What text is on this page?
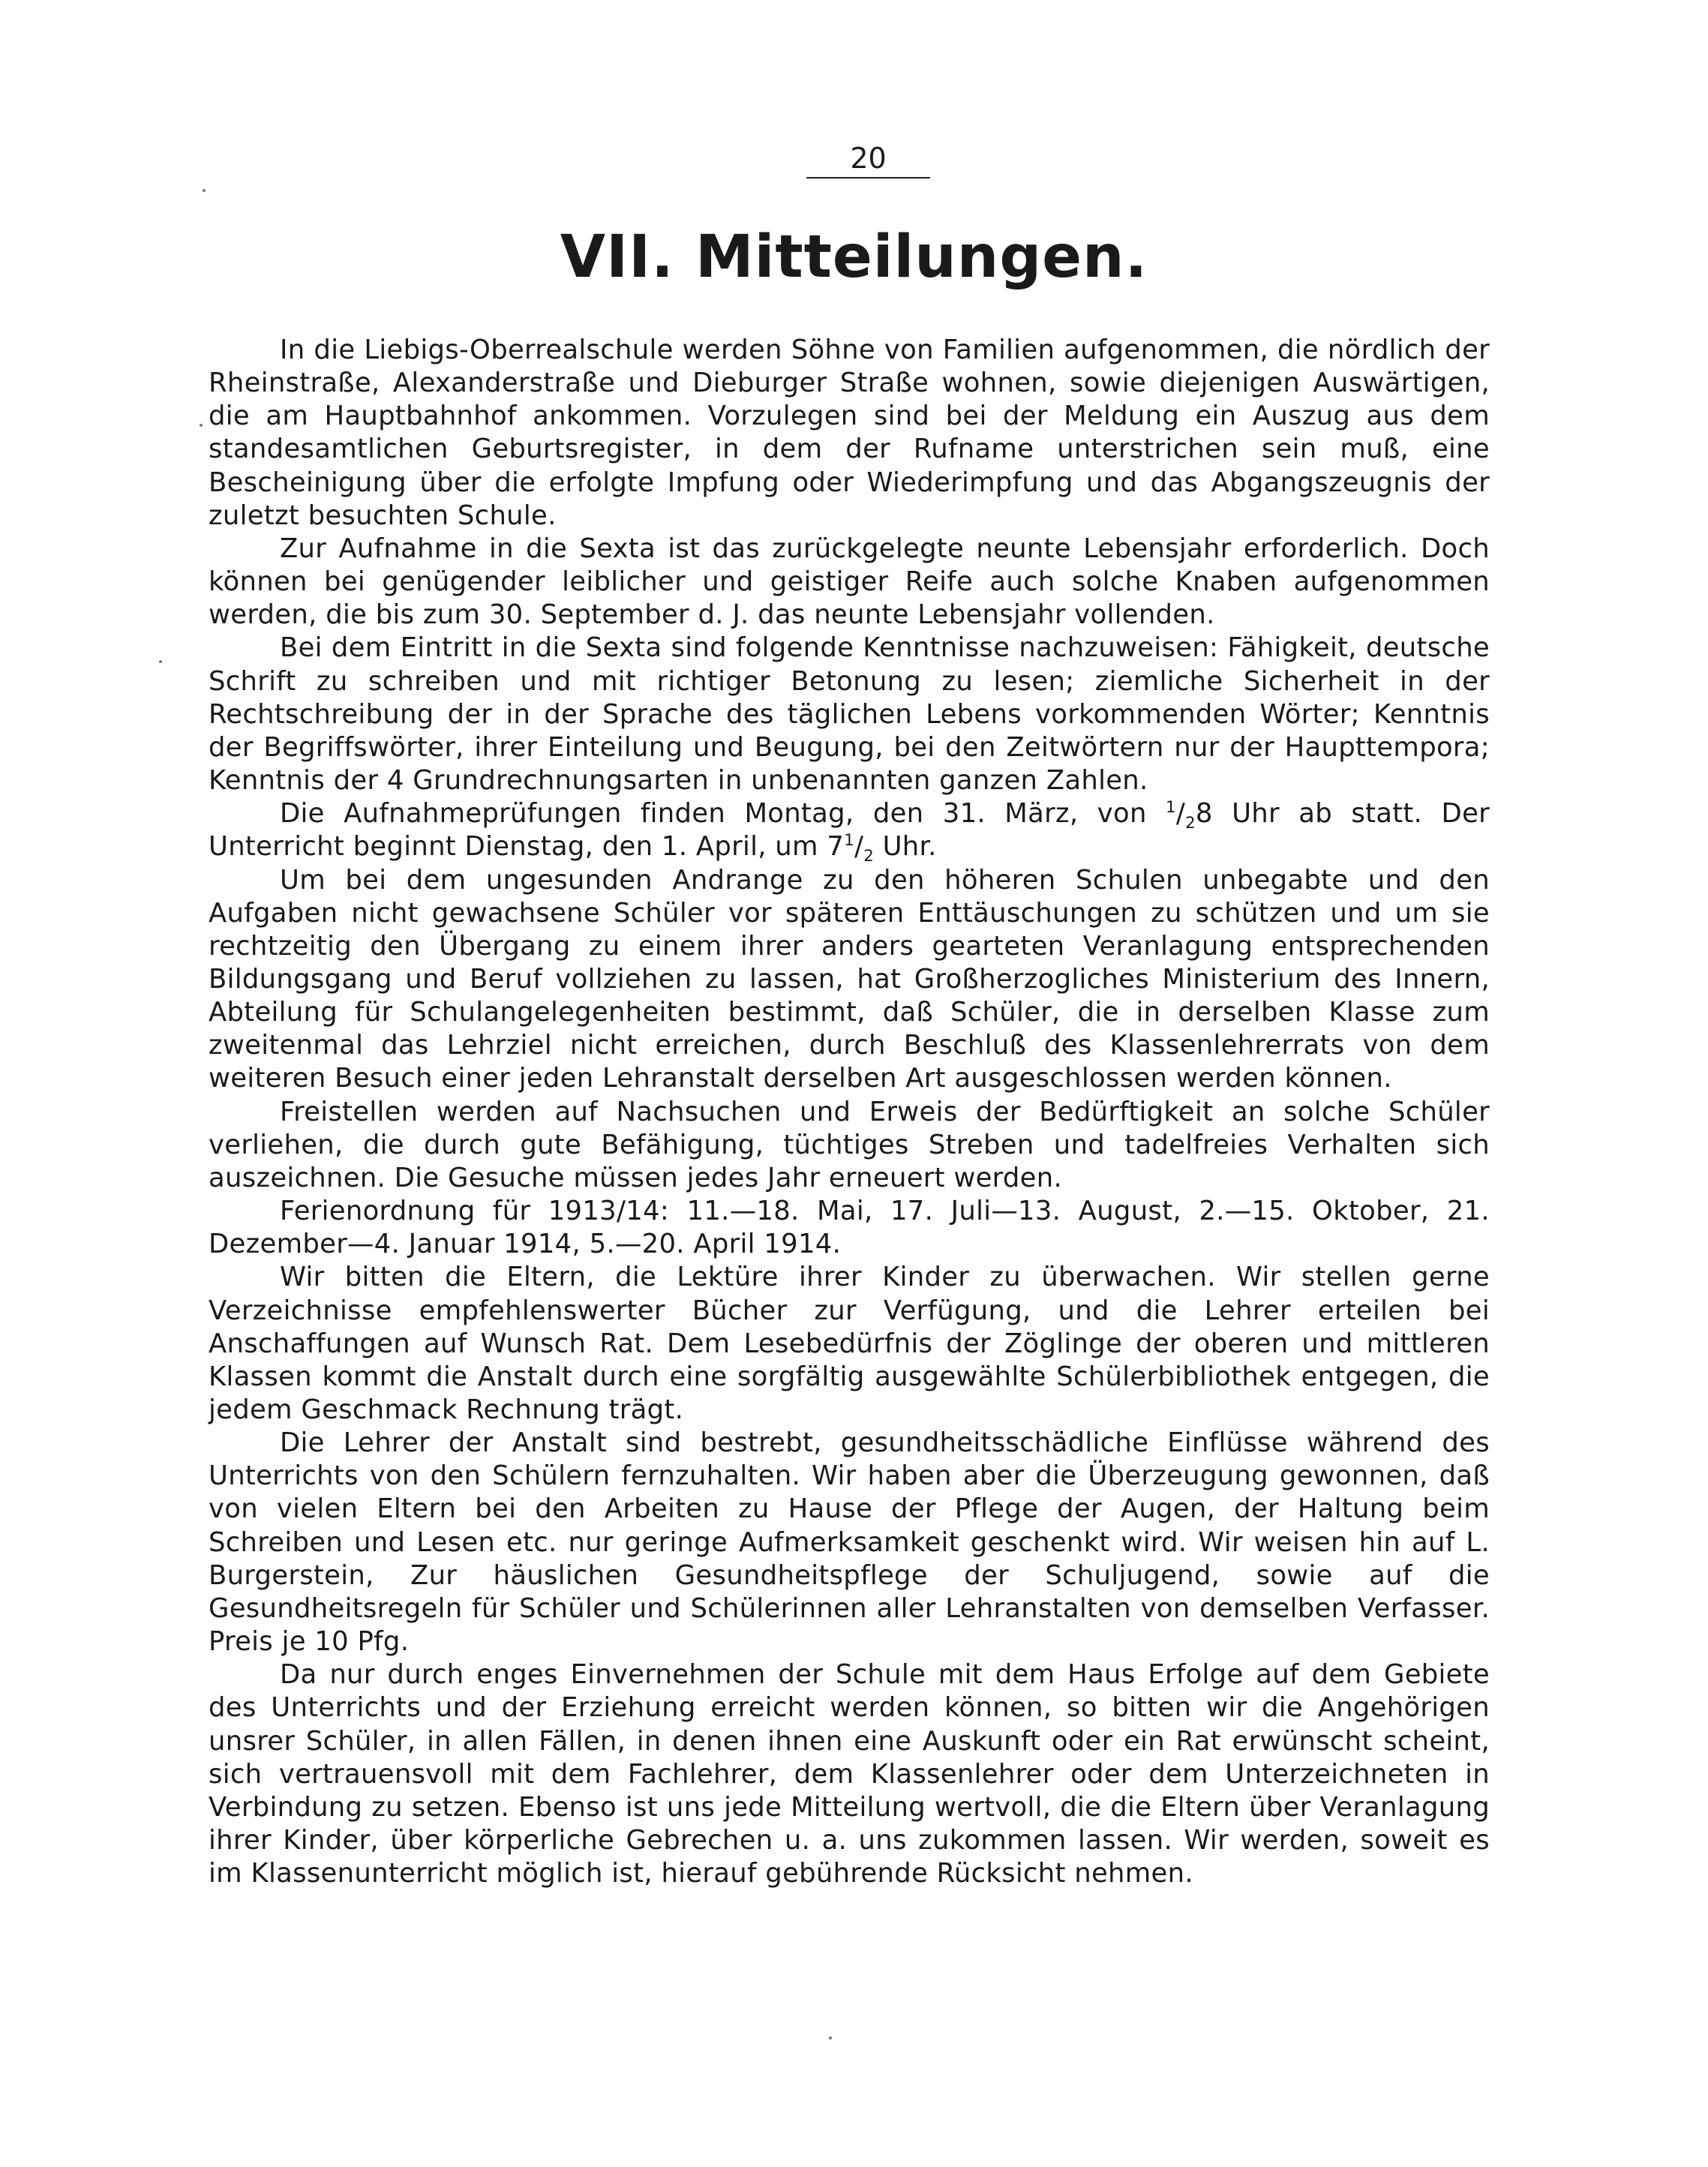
20
VII. Mitteilungen.

In die Liebigs-Oberrealschule werden Söhne von Familien aufgenommen, die nördlich der Rheinstraße, Alexanderstraße und Dieburger Straße wohnen, sowie diejenigen Auswärtigen, die am Hauptbahnhof ankommen. Vorzulegen sind bei der Meldung ein Auszug aus dem standesamtlichen Geburtsregister, in dem der Rufname unterstrichen sein muß, eine Bescheinigung über die erfolgte Impfung oder Wiederimpfung und das Abgangszeugnis der zuletzt besuchten Schule.

Zur Aufnahme in die Sexta ist das zurückgelegte neunte Lebensjahr erforderlich. Doch können bei genügender leiblicher und geistiger Reife auch solche Knaben aufgenommen werden, die bis zum 30. September d. J. das neunte Lebensjahr vollenden.

Bei dem Eintritt in die Sexta sind folgende Kenntnisse nachzuweisen: Fähigkeit, deutsche Schrift zu schreiben und mit richtiger Betonung zu lesen; ziemliche Sicherheit in der Rechtschreibung der in der Sprache des täglichen Lebens vorkommenden Wörter; Kenntnis der Begriffswörter, ihrer Einteilung und Beugung, bei den Zeitwörtern nur der Haupttempora; Kenntnis der 4 Grundrechnungsarten in unbenannten ganzen Zahlen.

Die Aufnahmeprüfungen finden Montag, den 31. März, von $^1/_28$ Uhr ab statt. Der Unterricht beginnt Dienstag, den 1. April, um $7^1/_2$ Uhr.

Um bei dem ungesunden Andrange zu den höheren Schulen unbegabte und den Aufgaben nicht gewachsene Schüler vor späteren Enttäuschungen zu schützen und um sie rechtzeitig den Übergang zu einem ihrer anders gearteten Veranlagung entsprechenden Bildungsgang und Beruf vollziehen zu lassen, hat Großherzogliches Ministerium des Innern, Abteilung für Schulangelegenheiten bestimmt, daß Schüler, die in derselben Klasse zum zweitenmal das Lehrziel nicht erreichen, durch Beschluß des Klassenlehrerrats von dem weiteren Besuch einer jeden Lehranstalt derselben Art ausgeschlossen werden können.

Freistellen werden auf Nachsuchen und Erweis der Bedürftigkeit an solche Schüler verliehen, die durch gute Befähigung, tüchtiges Streben und tadelfreies Verhalten sich auszeichnen. Die Gesuche müssen jedes Jahr erneuert werden.

Ferienordnung für 1913/14: 11.—18. Mai, 17. Juli—13. August, 2.—15. Oktober, 21. Dezember—4. Januar 1914, 5.—20. April 1914.

Wir bitten die Eltern, die Lektüre ihrer Kinder zu überwachen. Wir stellen gerne Verzeichnisse empfehlenswerter Bücher zur Verfügung, und die Lehrer erteilen bei Anschaffungen auf Wunsch Rat. Dem Lesebedürfnis der Zöglinge der oberen und mittleren Klassen kommt die Anstalt durch eine sorgfältig ausgewählte Schülerbibliothek entgegen, die jedem Geschmack Rechnung trägt.

Die Lehrer der Anstalt sind bestrebt, gesundheitsschädliche Einflüsse während des Unterrichts von den Schülern fernzuhalten. Wir haben aber die Überzeugung gewonnen, daß von vielen Eltern bei den Arbeiten zu Hause der Pflege der Augen, der Haltung beim Schreiben und Lesen etc. nur geringe Aufmerksamkeit geschenkt wird. Wir weisen hin auf L. Burgerstein, Zur häuslichen Gesundheitspflege der Schuljugend, sowie auf die Gesundheitsregeln für Schüler und Schülerinnen aller Lehranstalten von demselben Verfasser. Preis je 10 Pfg.

Da nur durch enges Einvernehmen der Schule mit dem Haus Erfolge auf dem Gebiete des Unterrichts und der Erziehung erreicht werden können, so bitten wir die Angehörigen unsrer Schüler, in allen Fällen, in denen ihnen eine Auskunft oder ein Rat erwünscht scheint, sich vertrauensvoll mit dem Fachlehrer, dem Klassenlehrer oder dem Unterzeichneten in Verbindung zu setzen. Ebenso ist uns jede Mitteilung wertvoll, die die Eltern über Veranlagung ihrer Kinder, über körperliche Gebrechen u. a. uns zukommen lassen. Wir werden, soweit es im Klassenunterricht möglich ist, hierauf gebührende Rücksicht nehmen.
